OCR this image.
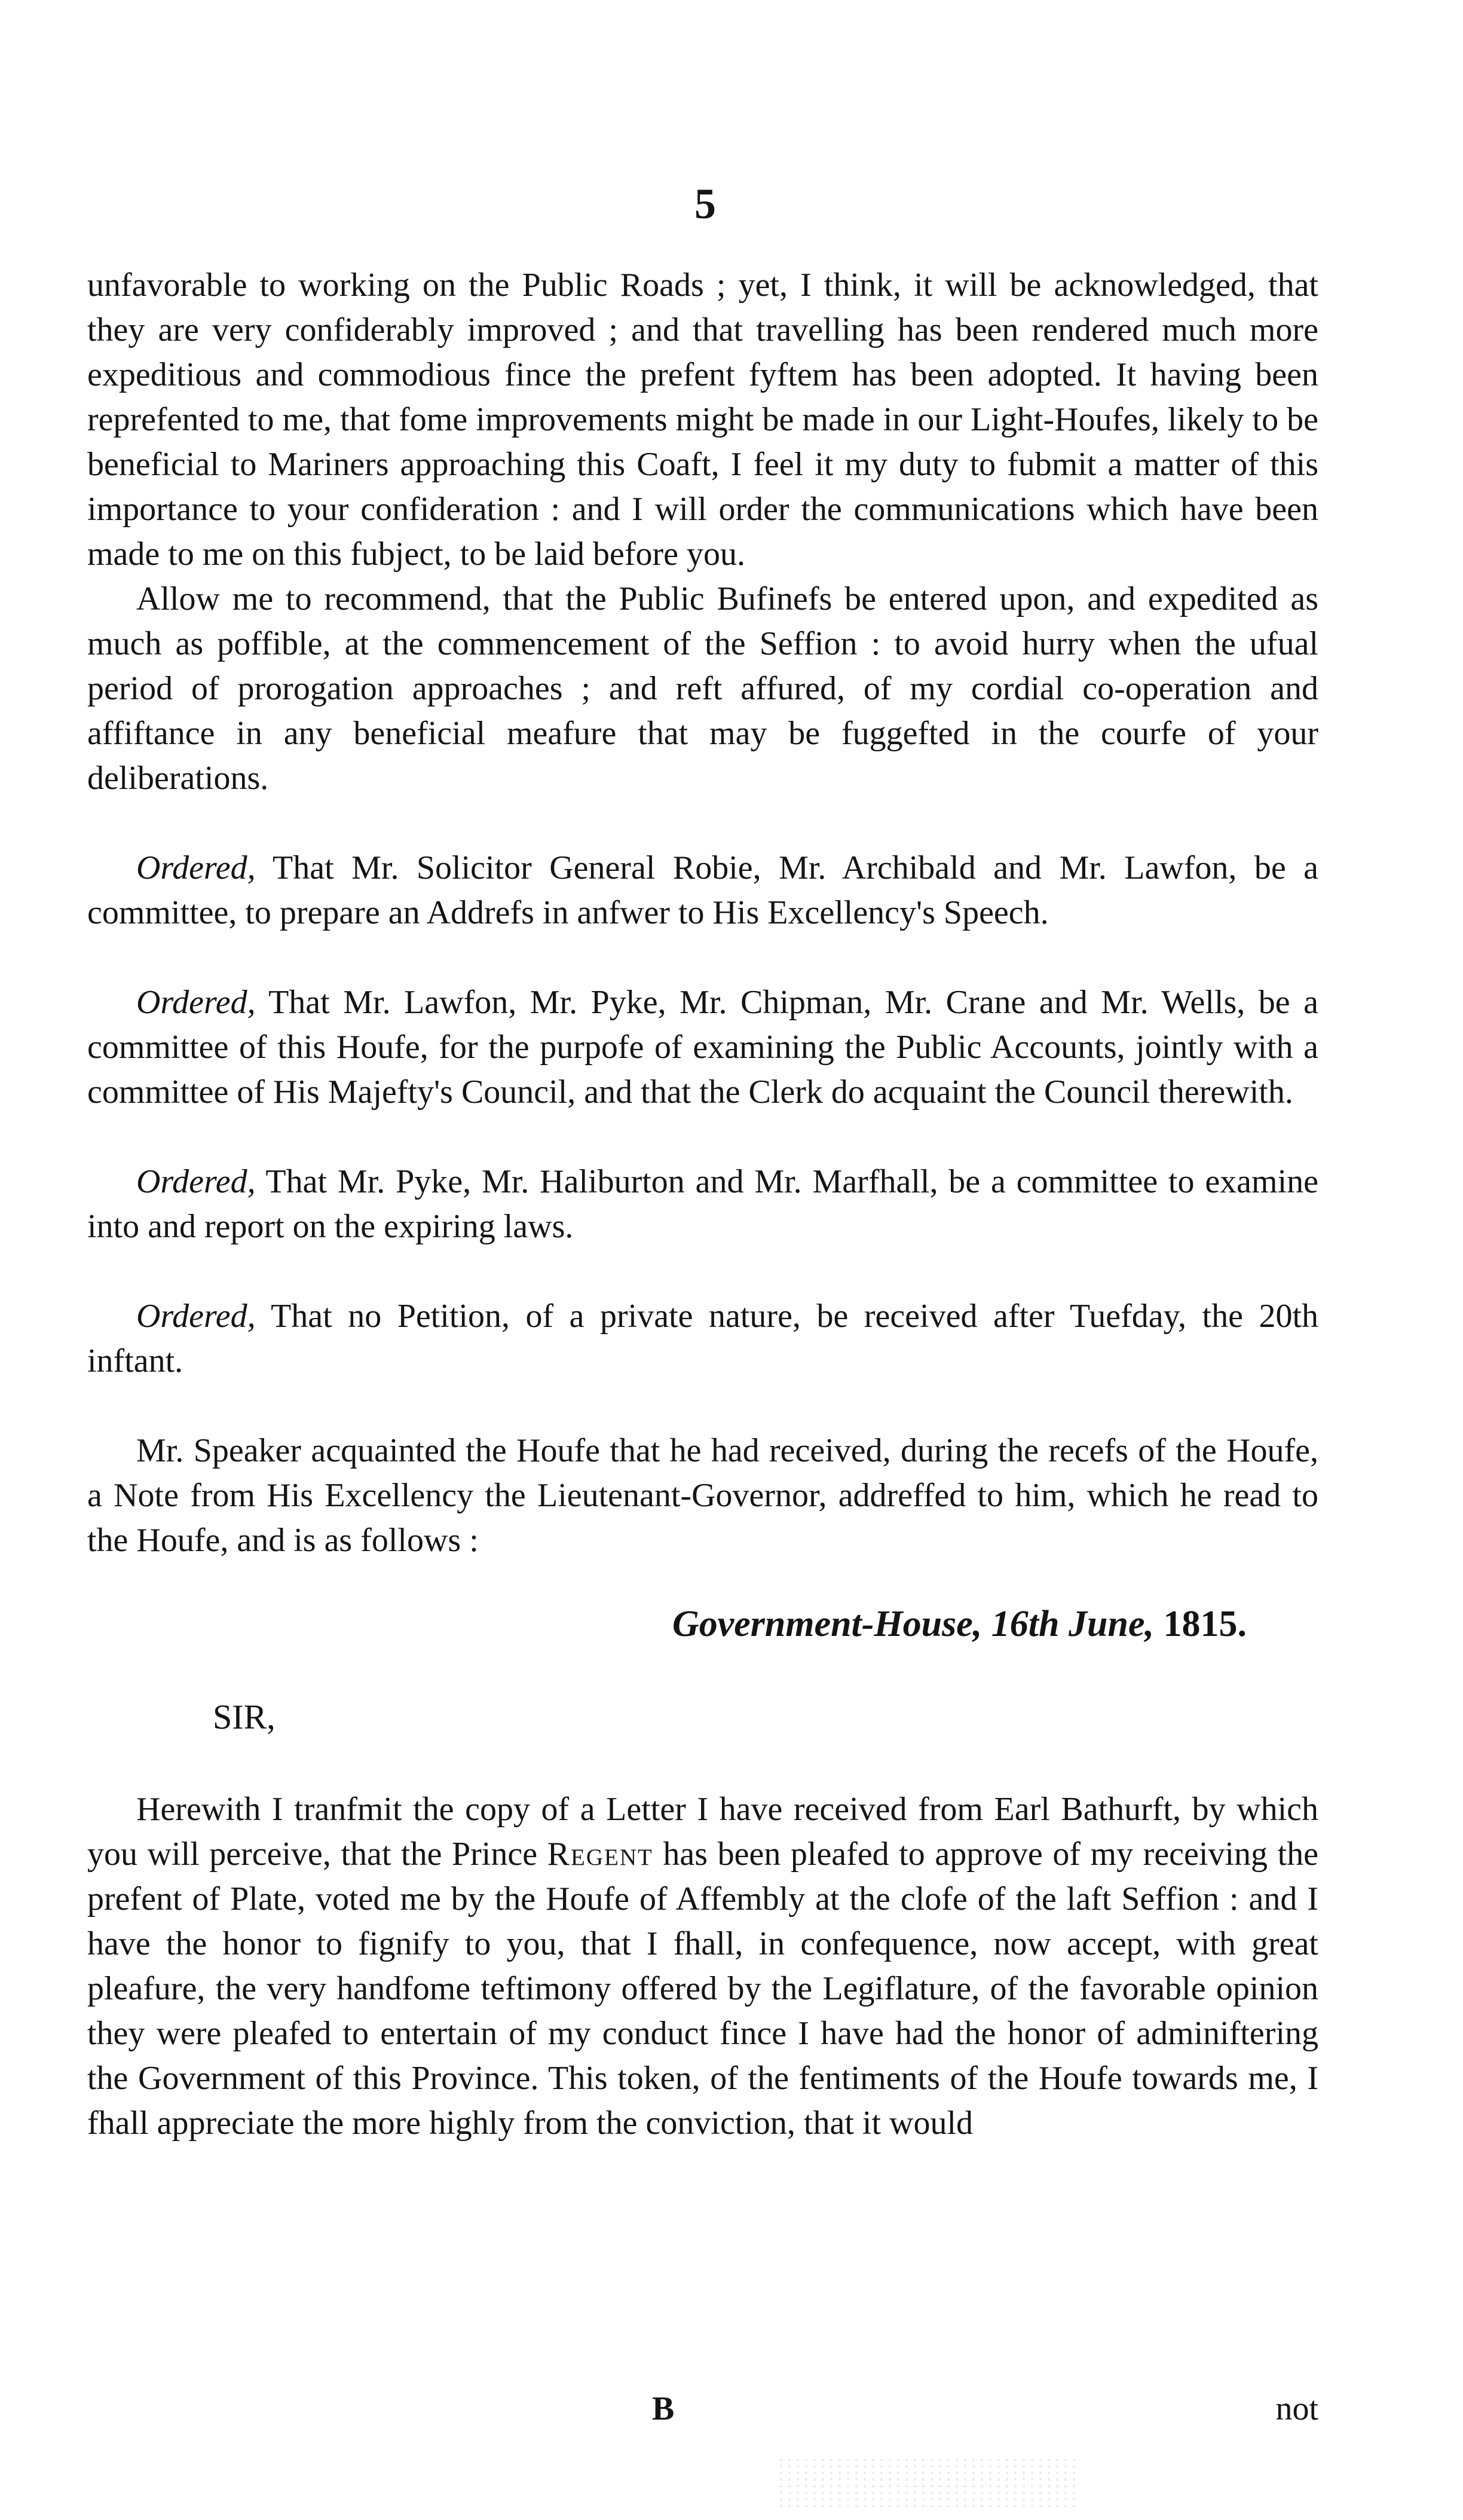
5

unfavorable to working on the Public Roads ; yet, I think, it will be acknowledged, that they are very confiderably improved ; and that travelling has been rendered much more expeditious and commodious fince the prefent fyftem has been adopted. It having been reprefented to me, that fome improvements might be made in our Light-Houfes, likely to be beneficial to Mariners approaching this Coaft, I feel it my duty to fubmit a matter of this importance to your confideration : and I will order the communications which have been made to me on this fubject, to be laid before you.

Allow me to recommend, that the Public Bufinefs be entered upon, and expedited as much as poffible, at the commencement of the Seffion : to avoid hurry when the ufual period of prorogation approaches ; and reft affured, of my cordial co-operation and affiftance in any beneficial meafure that may be fuggefted in the courfe of your deliberations.

Ordered, That Mr. Solicitor General Robie, Mr. Archibald and Mr. Lawfon, be a committee, to prepare an Addrefs in anfwer to His Excellency's Speech.

Ordered, That Mr. Lawfon, Mr. Pyke, Mr. Chipman, Mr. Crane and Mr. Wells, be a committee of this Houfe, for the purpofe of examining the Public Accounts, jointly with a committee of His Majefty's Council, and that the Clerk do acquaint the Council therewith.

Ordered, That Mr. Pyke, Mr. Haliburton and Mr. Marfhall, be a committee to examine into and report on the expiring laws.

Ordered, That no Petition, of a private nature, be received after Tuefday, the 20th inftant.

Mr. Speaker acquainted the Houfe that he had received, during the recefs of the Houfe, a Note from His Excellency the Lieutenant-Governor, addreffed to him, which he read to the Houfe, and is as follows :

Government-House, 16th June, 1815.
SIR,

Herewith I tranfmit the copy of a Letter I have received from Earl Bathurft, by which you will perceive, that the Prince Regent has been pleafed to approve of my receiving the prefent of Plate, voted me by the Houfe of Affembly at the clofe of the laft Seffion : and I have the honor to fignify to you, that I fhall, in confequence, now accept, with great pleafure, the very handfome teftimony offered by the Legiflature, of the favorable opinion they were pleafed to entertain of my conduct fince I have had the honor of adminiftering the Government of this Province. This token, of the fentiments of the Houfe towards me, I fhall appreciate the more highly from the conviction, that it would

B	not
